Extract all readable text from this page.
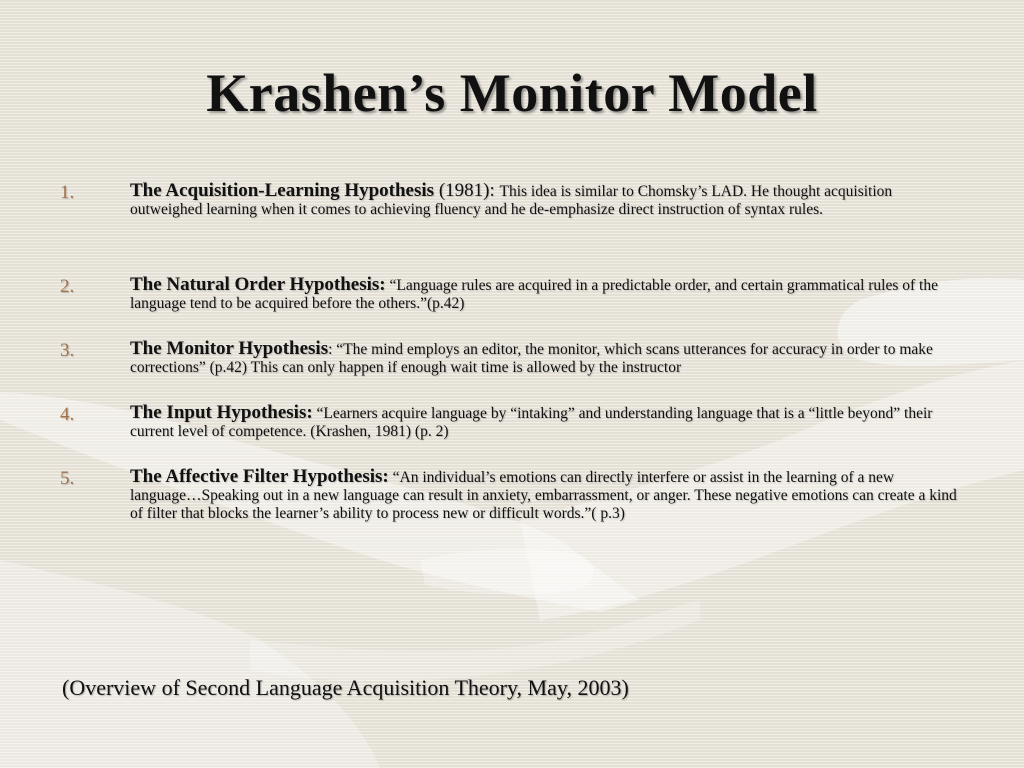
Krashen’s Monitor Model
1.	The Acquisition-Learning Hypothesis (1981): This idea is similar to Chomsky’s LAD. He thought acquisition outweighed learning when it comes to achieving fluency and he de-emphasize direct instruction of syntax rules.
2.	The Natural Order Hypothesis: “Language rules are acquired in a predictable order, and certain grammatical rules of the language tend to be acquired before the others.”(p.42)
3.	The Monitor Hypothesis: “The mind employs an editor, the monitor, which scans utterances for accuracy in order to make corrections” (p.42) This can only happen if enough wait time is allowed by the instructor
4.	The Input Hypothesis: “Learners acquire language by “intaking” and understanding language that is a “little beyond” their current level of competence. (Krashen, 1981) (p. 2)
5.	The Affective Filter Hypothesis: “An individual’s emotions can directly interfere or assist in the learning of a new language…Speaking out in a new language can result in anxiety, embarrassment, or anger. These negative emotions can create a kind of filter that blocks the learner’s ability to process new or difficult words.”( p.3)
(Overview of Second Language Acquisition Theory, May, 2003)
